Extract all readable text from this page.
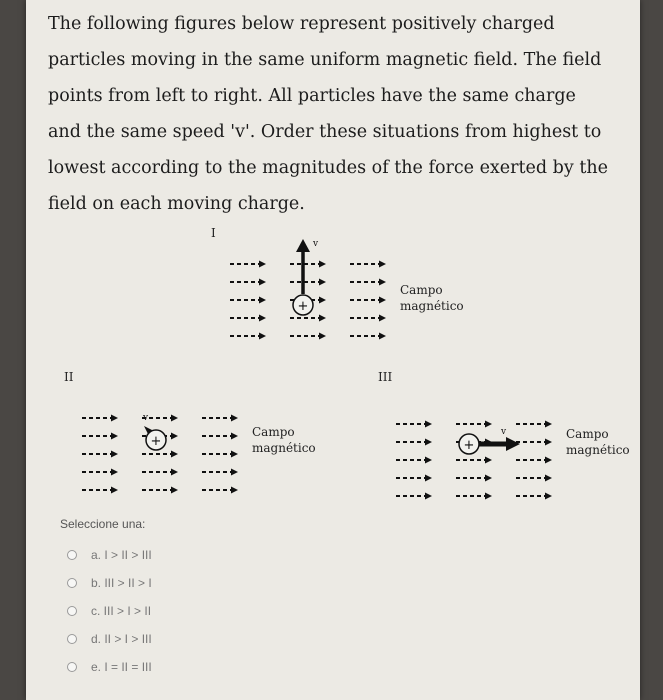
The following figures below represent positively charged
particles moving in the same uniform magnetic field. The field
points from left to right. All particles have the same charge
and the same speed 'v'. Order these situations from highest to
lowest according to the magnitudes of the force exerted by the
field on each moving charge.
I
v
+
Campo
magnético
II
v
+
Campo
magnético
III
+
v	Campo
magnético
Seleccione una:
a. I > II > III
b. III > II > I
c. III > I > II
d. II > I > III
e. I = II = III
